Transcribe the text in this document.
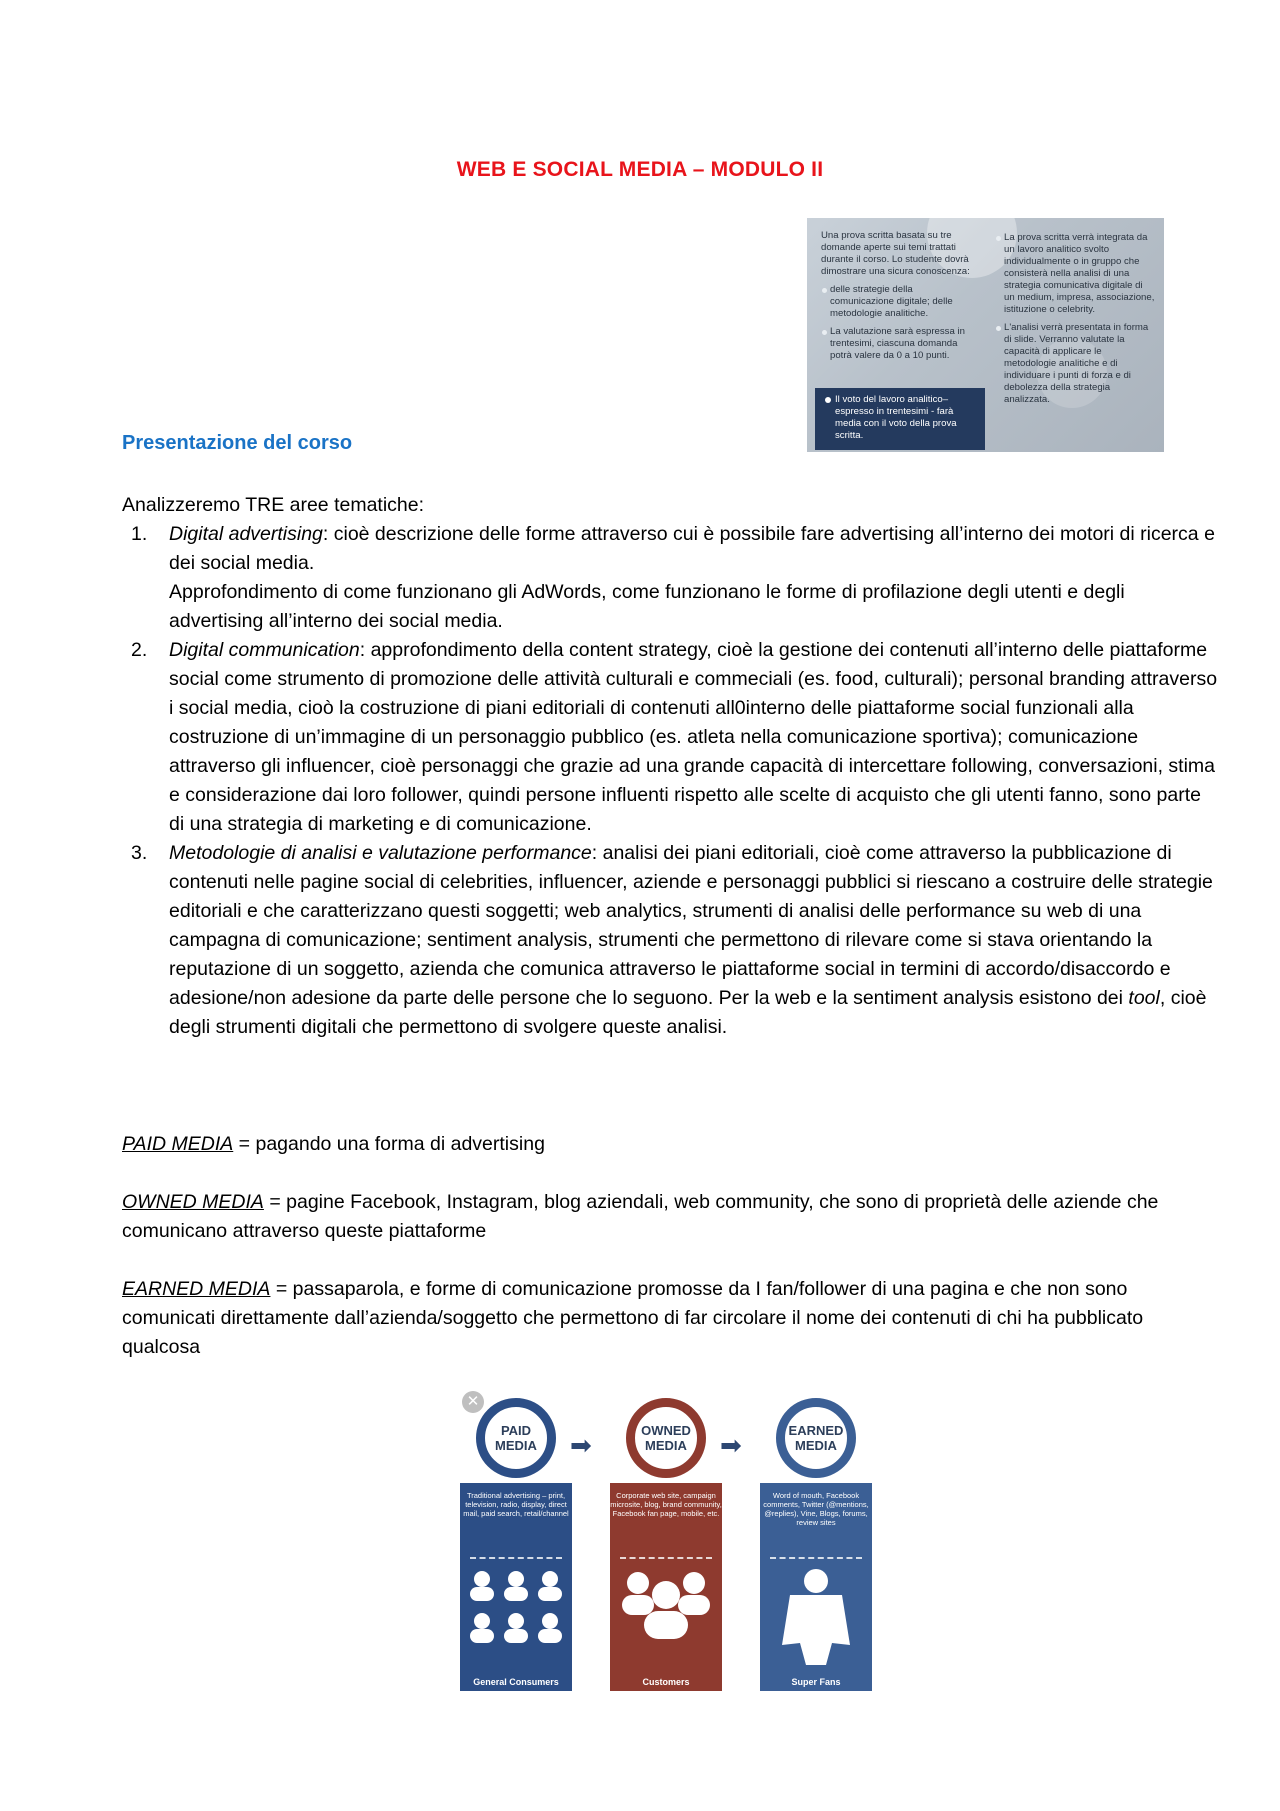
WEB E SOCIAL MEDIA – MODULO II

Una prova scritta basata su tre domande aperte sui temi trattati durante il corso. Lo studente dovrà dimostrare una sicura conoscenza:

delle strategie della comunicazione digitale; delle metodologie analitiche.

La valutazione sarà espressa in trentesimi, ciascuna domanda potrà valere da 0 a 10 punti.

Il voto del lavoro analitico–espresso in trentesimi - farà media con il voto della prova scritta.

La prova scritta verrà integrata da un lavoro analitico svolto individualmente o in gruppo che consisterà nella analisi di una strategia comunicativa digitale di un medium, impresa, associazione, istituzione o celebrity.

L'analisi verrà presentata in forma di slide. Verranno valutate la capacità di applicare le metodologie analitiche e di individuare i punti di forza e di debolezza della strategia analizzata.

Presentazione del corso
Analizzeremo TRE aree tematiche:
1. Digital advertising: cioè descrizione delle forme attraverso cui è possibile fare advertising all’interno dei motori di ricerca e dei social media.
Approfondimento di come funzionano gli AdWords, come funzionano le forme di profilazione degli utenti e degli advertising all’interno dei social media.
2. Digital communication: approfondimento della content strategy, cioè la gestione dei contenuti all’interno delle piattaforme social come strumento di promozione delle attività culturali e commeciali (es. food, culturali); personal branding attraverso i social media, cioò la costruzione di piani editoriali di contenuti all0interno delle piattaforme social funzionali alla costruzione di un’immagine di un personaggio pubblico (es. atleta nella comunicazione sportiva); comunicazione attraverso gli influencer, cioè personaggi che grazie ad una grande capacità di intercettare following, conversazioni, stima e considerazione dai loro follower, quindi persone influenti rispetto alle scelte di acquisto che gli utenti fanno, sono parte di una strategia di marketing e di comunicazione.
3. Metodologie di analisi e valutazione performance: analisi dei piani editoriali, cioè come attraverso la pubblicazione di contenuti nelle pagine social di celebrities, influencer, aziende e personaggi pubblici si riescano a costruire delle strategie editoriali e che caratterizzano questi soggetti; web analytics, strumenti di analisi delle performance su web di una campagna di comunicazione; sentiment analysis, strumenti che permettono di rilevare come si stava orientando la reputazione di un soggetto, azienda che comunica attraverso le piattaforme social in termini di accordo/disaccordo e adesione/non adesione da parte delle persone che lo seguono. Per la web e la sentiment analysis esistono dei tool, cioè degli strumenti digitali che permettono di svolgere queste analisi.
PAID MEDIA = pagando una forma di advertising
OWNED MEDIA = pagine Facebook, Instagram, blog aziendali, web community, che sono di proprietà delle aziende che comunicano attraverso queste piattaforme
EARNED MEDIA = passaparola, e forme di comunicazione promosse da I fan/follower di una pagina e che non sono comunicati direttamente dall’azienda/soggetto che permettono di far circolare il nome dei contenuti di chi ha pubblicato qualcosa
✕
Traditional advertising – print, television, radio, display, direct mail, paid search, retail/channel
General Consumers
PAID MEDIA	➡
Corporate web site, campaign microsite, blog, brand community, Facebook fan page, mobile, etc.
Customers
OWNED MEDIA	➡
Word of mouth, Facebook comments, Twitter (@mentions, @replies), Vine, Blogs, forums, review sites
Super Fans
EARNED MEDIA
